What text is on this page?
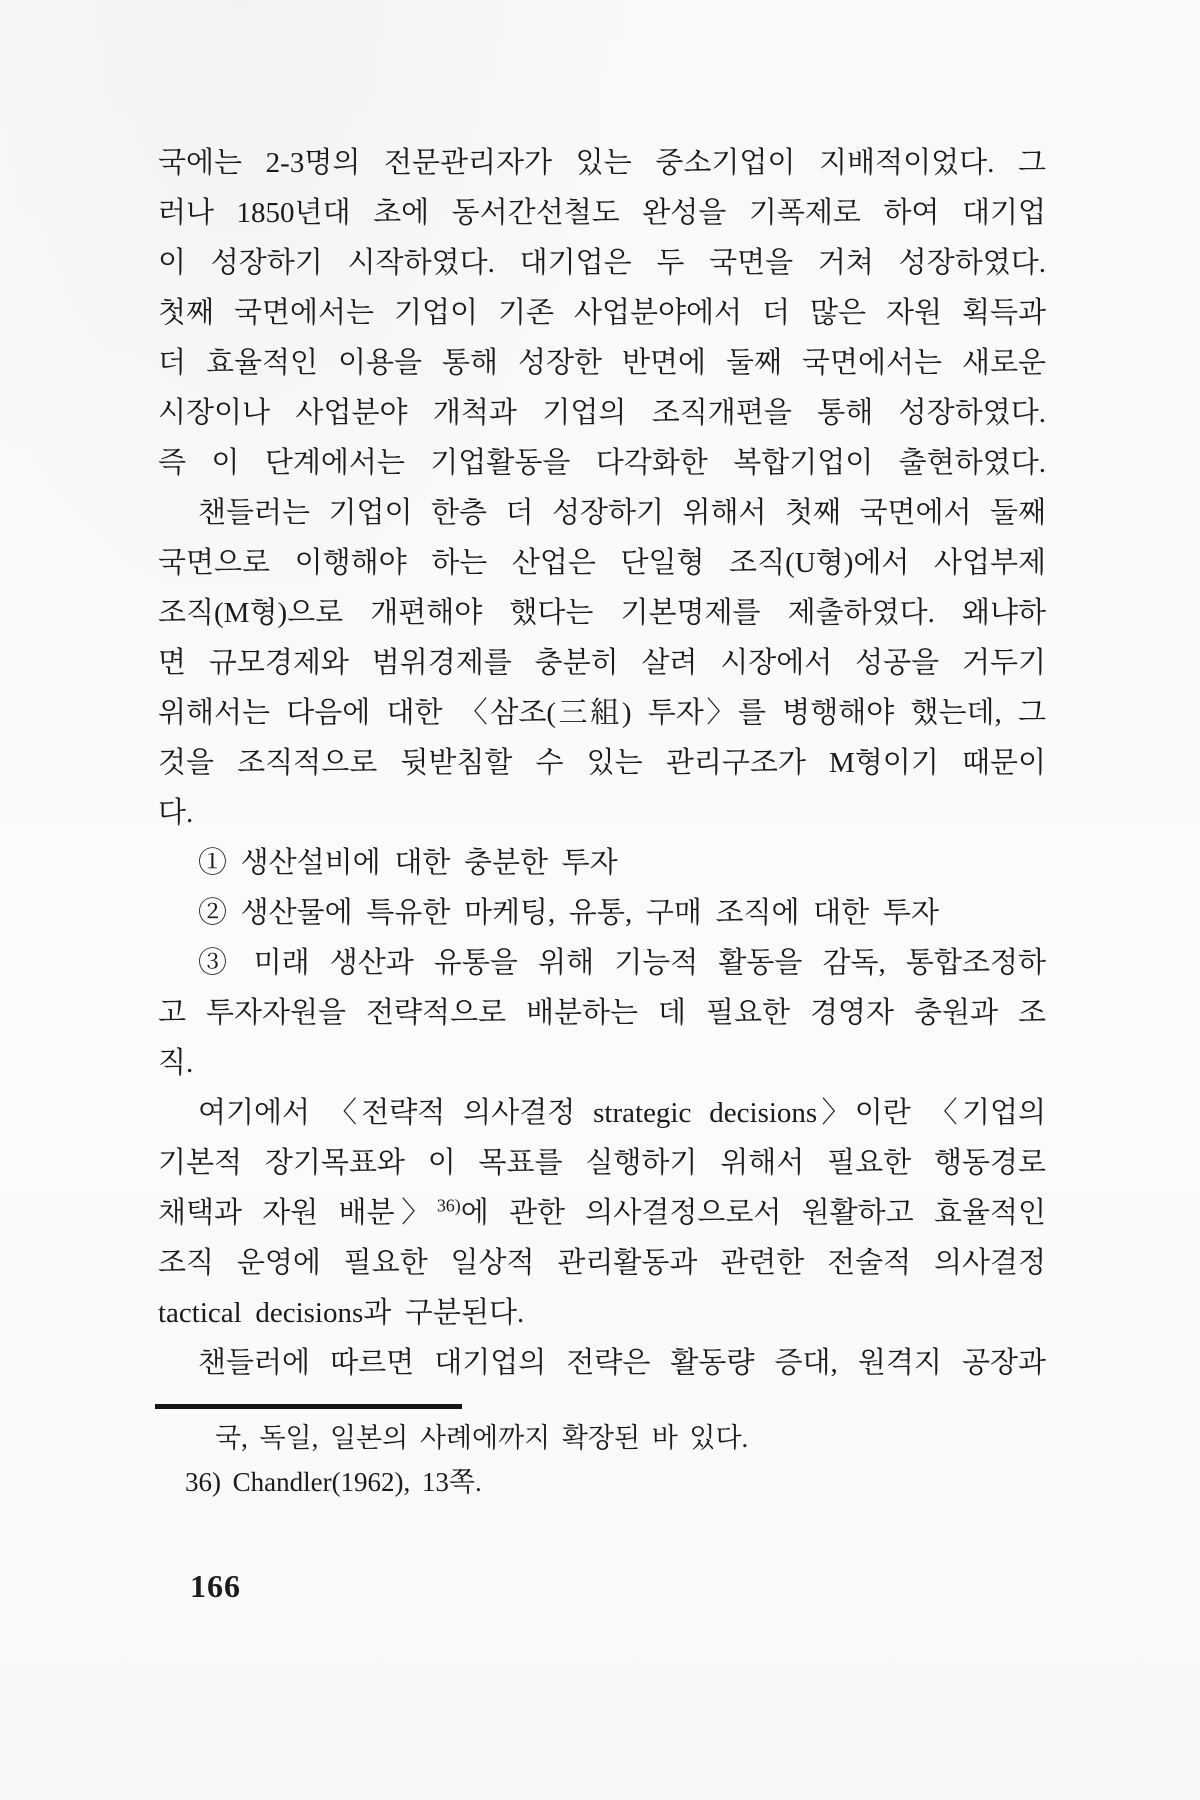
국에는 2-3명의 전문관리자가 있는 중소기업이 지배적이었다. 그
러나 1850년대 초에 동서간선철도 완성을 기폭제로 하여 대기업
이 성장하기 시작하였다. 대기업은 두 국면을 거쳐 성장하였다.
첫째 국면에서는 기업이 기존 사업분야에서 더 많은 자원 획득과
더 효율적인 이용을 통해 성장한 반면에 둘째 국면에서는 새로운
시장이나 사업분야 개척과 기업의 조직개편을 통해 성장하였다.
즉 이 단계에서는 기업활동을 다각화한 복합기업이 출현하였다.
챈들러는 기업이 한층 더 성장하기 위해서 첫째 국면에서 둘째
국면으로 이행해야 하는 산업은 단일형 조직(U형)에서 사업부제
조직(M형)으로 개편해야 했다는 기본명제를 제출하였다. 왜냐하
면 규모경제와 범위경제를 충분히 살려 시장에서 성공을 거두기
위해서는 다음에 대한 〈삼조(三組) 투자〉를 병행해야 했는데, 그
것을 조직적으로 뒷받침할 수 있는 관리구조가 M형이기 때문이
다.
① 생산설비에 대한 충분한 투자
② 생산물에 특유한 마케팅, 유통, 구매 조직에 대한 투자
③ 미래 생산과 유통을 위해 기능적 활동을 감독, 통합조정하
고 투자자원을 전략적으로 배분하는 데 필요한 경영자 충원과 조
직.
여기에서 〈전략적 의사결정 strategic decisions〉이란 〈기업의
기본적 장기목표와 이 목표를 실행하기 위해서 필요한 행동경로
채택과 자원 배분〉$^{36)}$에 관한 의사결정으로서 원활하고 효율적인
조직 운영에 필요한 일상적 관리활동과 관련한 전술적 의사결정
tactical decisions과 구분된다.
챈들러에 따르면 대기업의 전략은 활동량 증대, 원격지 공장과
국, 독일, 일본의 사례에까지 확장된 바 있다.
36) Chandler(1962), 13쪽.
166
